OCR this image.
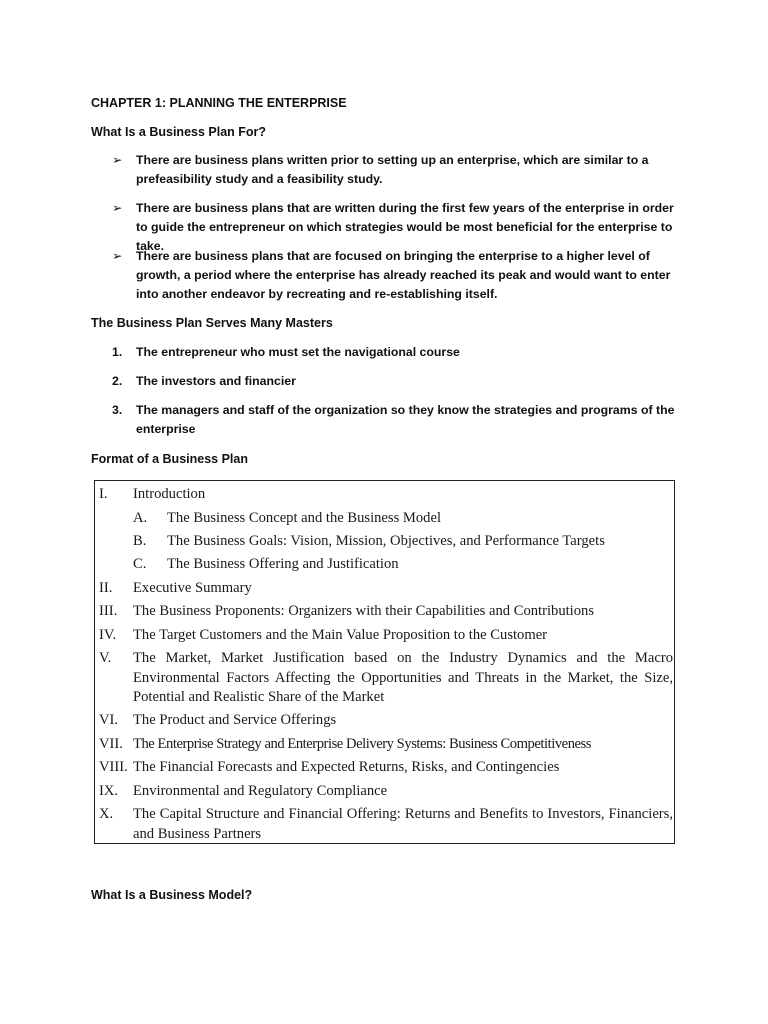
CHAPTER 1: PLANNING THE ENTERPRISE
What Is a Business Plan For?
➢ There are business plans written prior to setting up an enterprise, which are similar to a prefeasibility study and a feasibility study.
➢ There are business plans that are written during the first few years of the enterprise in order to guide the entrepreneur on which strategies would be most beneficial for the enterprise to take.
➢ There are business plans that are focused on bringing the enterprise to a higher level of growth, a period where the enterprise has already reached its peak and would want to enter into another endeavor by recreating and re-establishing itself.
The Business Plan Serves Many Masters
1. The entrepreneur who must set the navigational course
2. The investors and financier
3. The managers and staff of the organization so they know the strategies and programs of the enterprise
Format of a Business Plan
I. Introduction
A. The Business Concept and the Business Model
B. The Business Goals: Vision, Mission, Objectives, and Performance Targets
C. The Business Offering and Justification
II. Executive Summary
III. The Business Proponents: Organizers with their Capabilities and Contributions
IV. The Target Customers and the Main Value Proposition to the Customer
V. The Market, Market Justification based on the Industry Dynamics and the Macro Environmental Factors Affecting the Opportunities and Threats in the Market, the Size, Potential and Realistic Share of the Market
VI. The Product and Service Offerings
VII. The Enterprise Strategy and Enterprise Delivery Systems: Business Competitiveness
VIII. The Financial Forecasts and Expected Returns, Risks, and Contingencies
IX. Environmental and Regulatory Compliance
X. The Capital Structure and Financial Offering: Returns and Benefits to Investors, Financiers, and Business Partners
What Is a Business Model?
